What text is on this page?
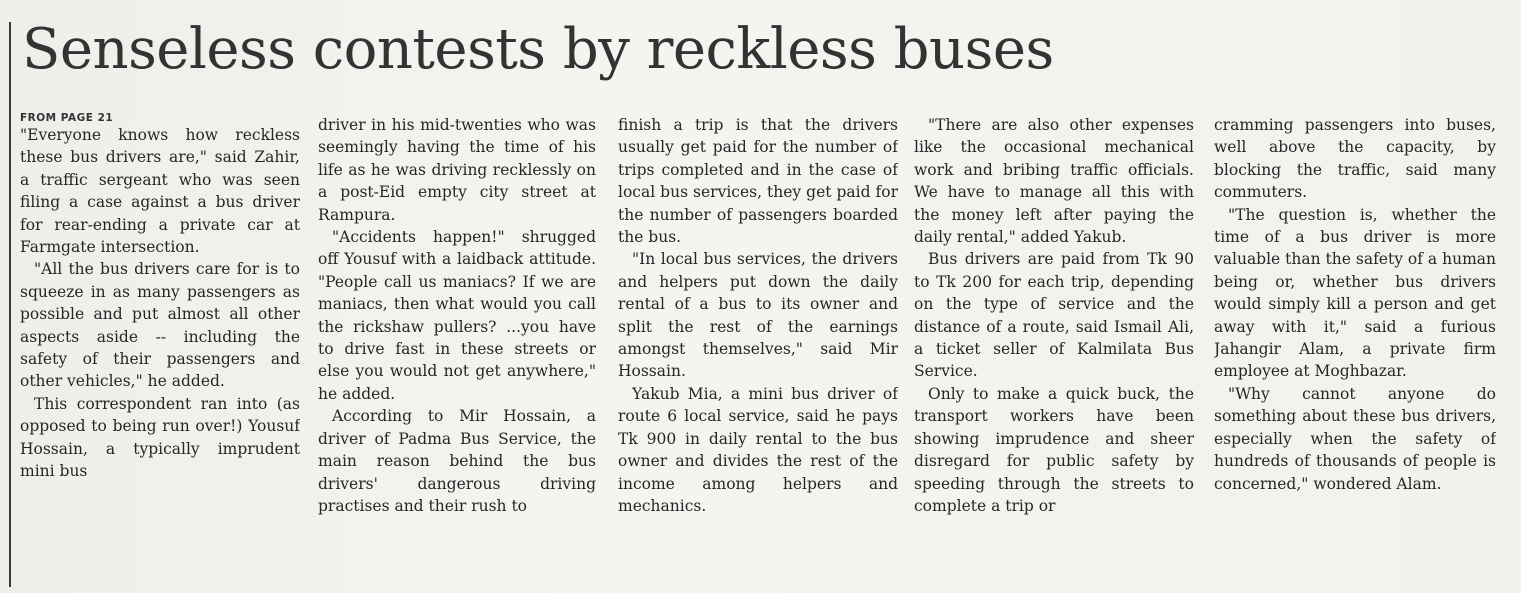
Senseless contests by reckless buses
FROM PAGE 21

"Everyone knows how reckless these bus drivers are," said Zahir, a traffic sergeant who was seen filing a case against a bus driver for rear-ending a private car at Farmgate intersection.

"All the bus drivers care for is to squeeze in as many passengers as possible and put almost all other aspects aside -- including the safety of their passengers and other vehicles," he added.

This correspondent ran into (as opposed to being run over!) Yousuf Hossain, a typically imprudent mini bus

driver in his mid-twenties who was seemingly having the time of his life as he was driving recklessly on a post-Eid empty city street at Rampura.

"Accidents happen!" shrugged off Yousuf with a laidback attitude. "People call us maniacs? If we are maniacs, then what would you call the rickshaw pullers? ...you have to drive fast in these streets or else you would not get anywhere," he added.

According to Mir Hossain, a driver of Padma Bus Service, the main reason behind the bus drivers' dangerous driving practises and their rush to

finish a trip is that the drivers usually get paid for the number of trips completed and in the case of local bus services, they get paid for the number of passengers boarded the bus.

"In local bus services, the drivers and helpers put down the daily rental of a bus to its owner and split the rest of the earnings amongst themselves," said Mir Hossain.

Yakub Mia, a mini bus driver of route 6 local service, said he pays Tk 900 in daily rental to the bus owner and divides the rest of the income among helpers and mechanics.

"There are also other expenses like the occasional mechanical work and bribing traffic officials. We have to manage all this with the money left after paying the daily rental," added Yakub.

Bus drivers are paid from Tk 90 to Tk 200 for each trip, depending on the type of service and the distance of a route, said Ismail Ali, a ticket seller of Kalmilata Bus Service.

Only to make a quick buck, the transport workers have been showing imprudence and sheer disregard for public safety by speeding through the streets to complete a trip or

cramming passengers into buses, well above the capacity, by blocking the traffic, said many commuters.

"The question is, whether the time of a bus driver is more valuable than the safety of a human being or, whether bus drivers would simply kill a person and get away with it," said a furious Jahangir Alam, a private firm employee at Moghbazar.

"Why cannot anyone do something about these bus drivers, especially when the safety of hundreds of thousands of people is concerned," wondered Alam.
